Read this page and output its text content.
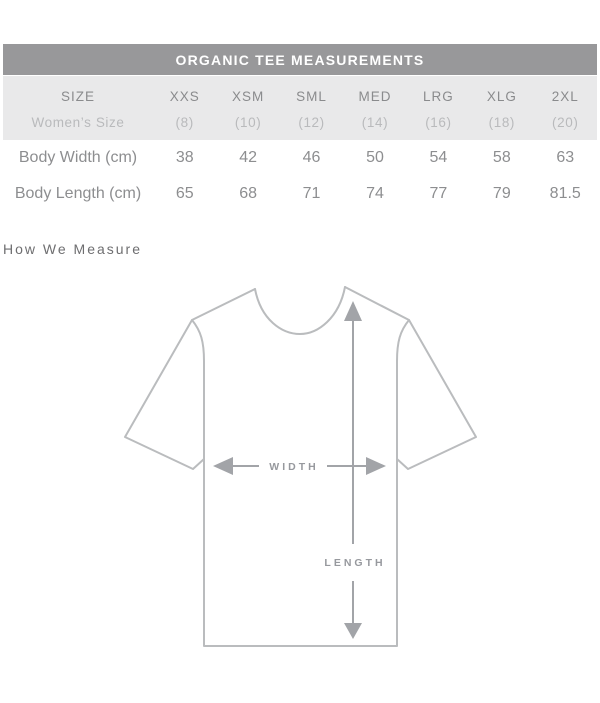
ORGANIC TEE MEASUREMENTS
SIZE	XXS	XSM	SML	MED	LRG	XLG	2XL
Women’s Size	(8)	(10)	(12)	(14)	(16)	(18)	(20)
Body Width (cm)	38	42	46	50	54	58	63
Body Length (cm)	65	68	71	74	77	79	81.5
How We Measure
LENGTH
WIDTH
